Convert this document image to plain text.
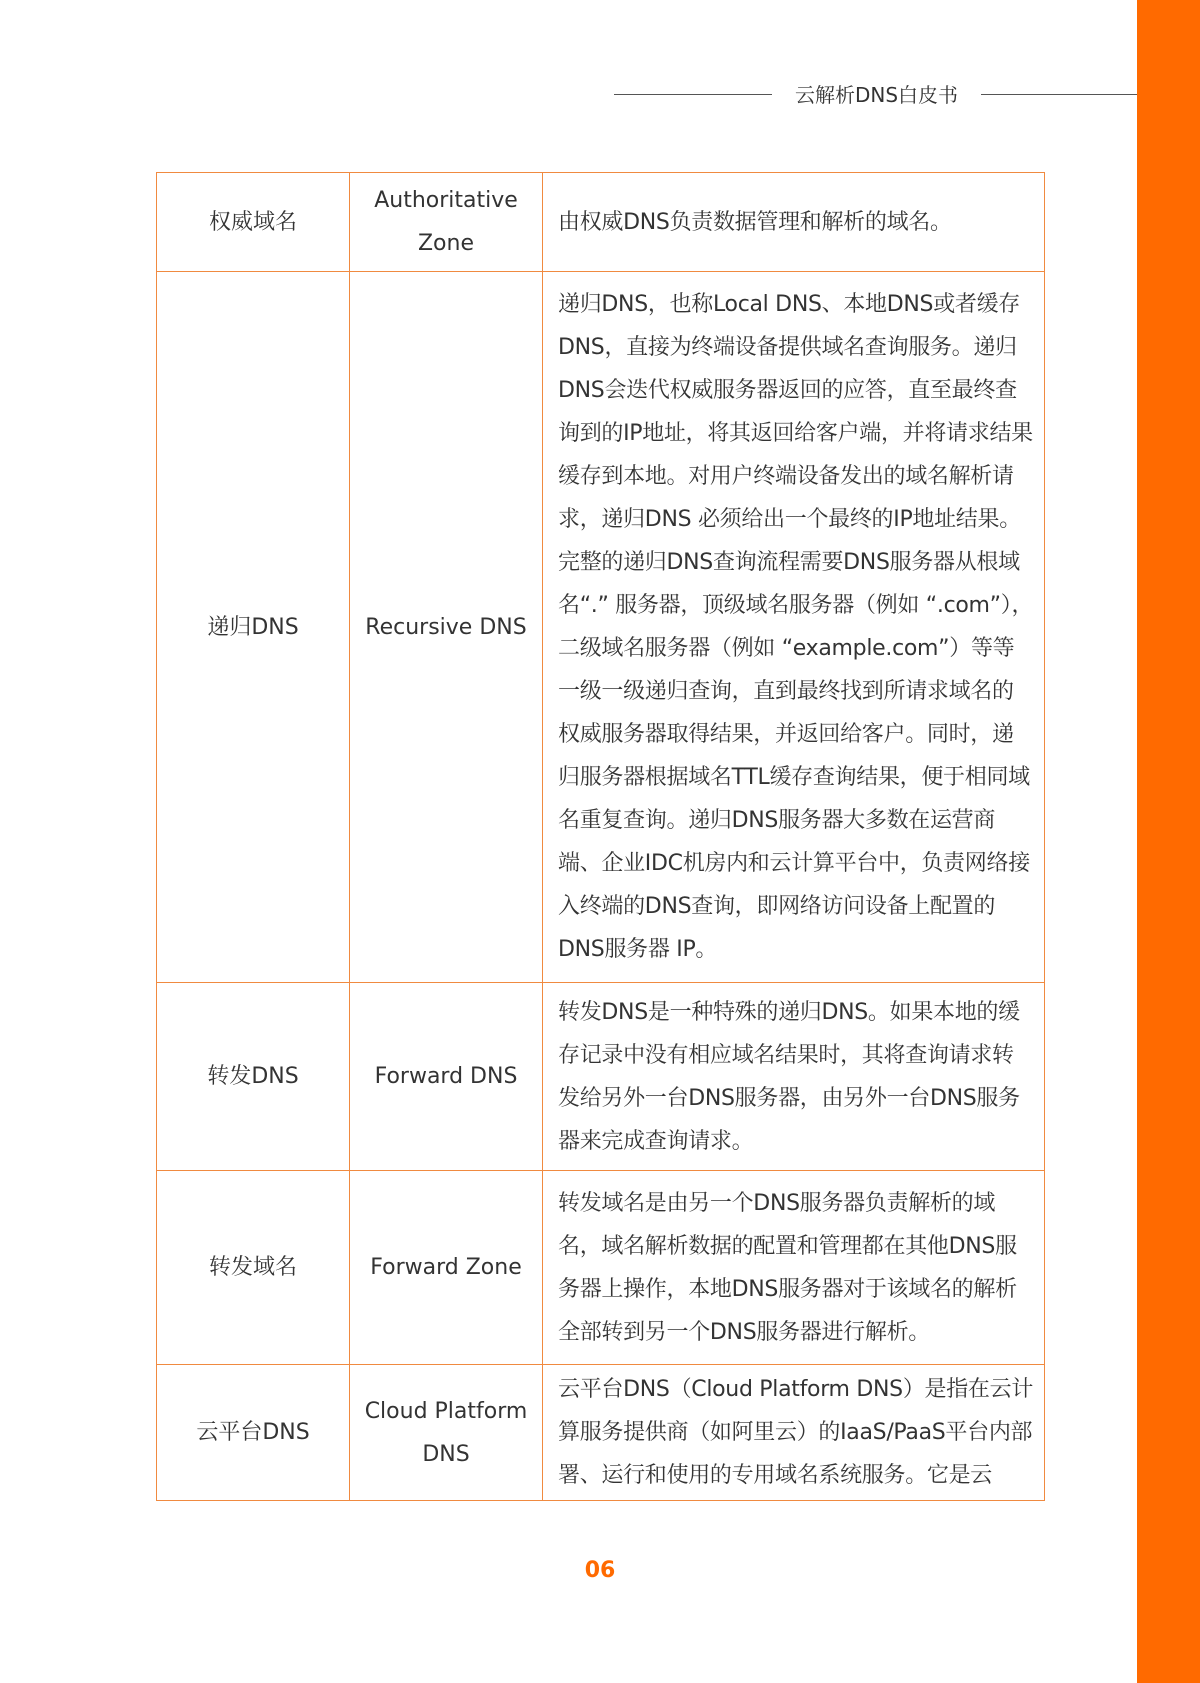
云解析DNS白皮书
权威域名	Authoritative Zone	由权威DNS负责数据管理和解析的域名。
递归DNS	Recursive DNS	递归DNS，也称Local DNS、本地DNS或者缓存DNS，直接为终端设备提供域名查询服务。递归DNS会迭代权威服务器返回的应答，直至最终查询到的IP地址，将其返回给客户端，并将请求结果缓存到本地。对用户终端设备发出的域名解析请求，递归DNS 必须给出一个最终的IP地址结果。完整的递归DNS查询流程需要DNS服务器从根域名“.” 服务器，顶级域名服务器（例如 “.com”），二级域名服务器（例如 “example.com”）等等一级一级递归查询，直到最终找到所请求域名的权威服务器取得结果，并返回给客户。同时，递归服务器根据域名TTL缓存查询结果，便于相同域名重复查询。递归DNS服务器大多数在运营商端、企业IDC机房内和云计算平台中，负责网络接入终端的DNS查询，即网络访问设备上配置的DNS服务器 IP。
转发DNS	Forward DNS	转发DNS是一种特殊的递归DNS。如果本地的缓存记录中没有相应域名结果时，其将查询请求转发给另外一台DNS服务器，由另外一台DNS服务器来完成查询请求。
转发域名	Forward Zone	转发域名是由另一个DNS服务器负责解析的域名，域名解析数据的配置和管理都在其他DNS服务器上操作，本地DNS服务器对于该域名的解析全部转到另一个DNS服务器进行解析。
云平台DNS	Cloud Platform DNS	云平台DNS（Cloud Platform DNS）是指在云计算服务提供商（如阿里云）的IaaS/PaaS平台内部署、运行和使用的专用域名系统服务。它是云
06
